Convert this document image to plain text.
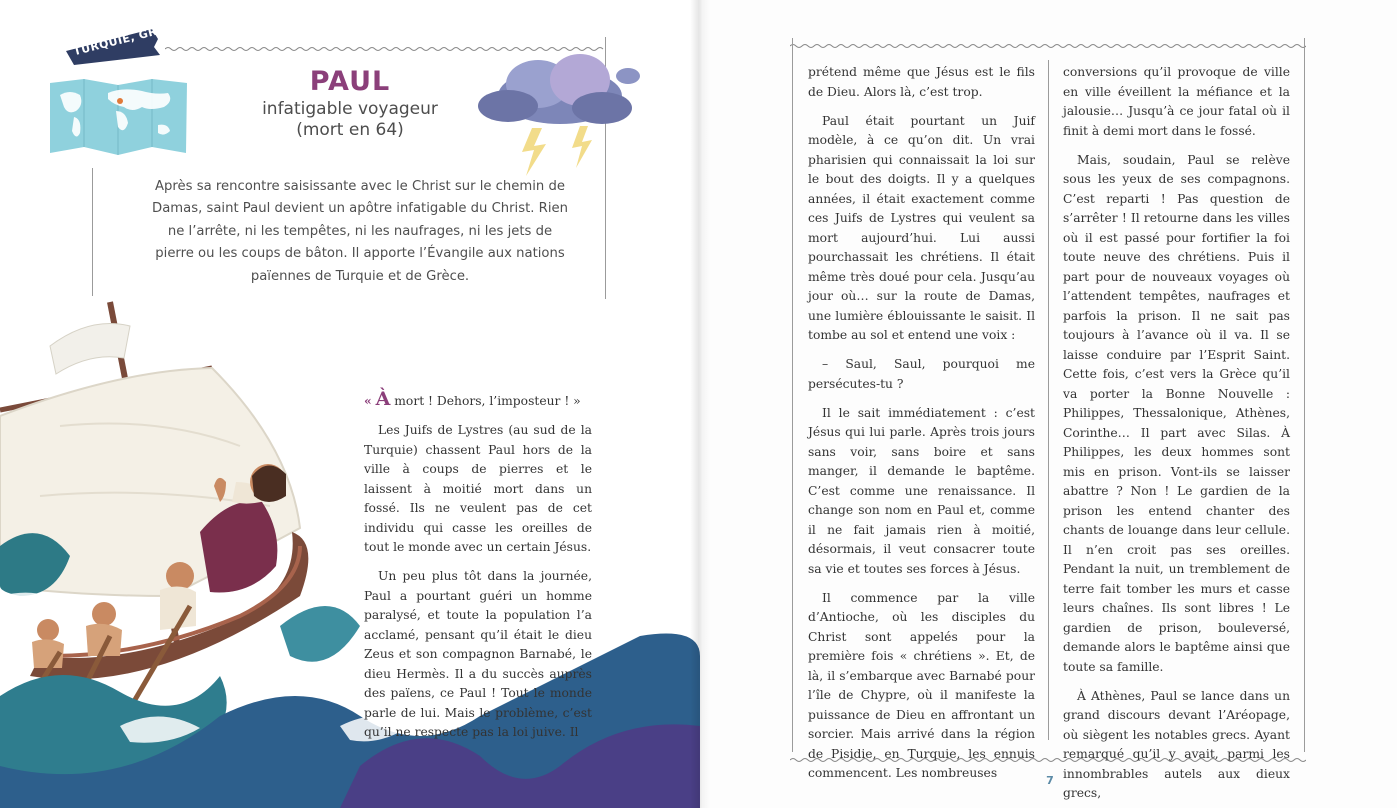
TURQUIE, GRÈCE
PAUL
infatigable voyageur
(mort en 64)
Après sa rencontre saisissante avec le Christ sur le chemin de Damas, saint Paul devient un apôtre infatigable du Christ. Rien ne l’arrête, ni les tempêtes, ni les naufrages, ni les jets de pierre ou les coups de bâton. Il apporte l’Évangile aux nations païennes de Turquie et de Grèce.

« À mort ! Dehors, l’imposteur ! »

Les Juifs de Lystres (au sud de la Turquie) chassent Paul hors de la ville à coups de pierres et le laissent à moitié mort dans un fossé. Ils ne veulent pas de cet individu qui casse les oreilles de tout le monde avec un certain Jésus.

Un peu plus tôt dans la journée, Paul a pourtant guéri un homme paralysé, et toute la population l’a acclamé, pensant qu’il était le dieu Zeus et son compagnon Barnabé, le dieu Hermès. Il a du succès auprès des païens, ce Paul ! Tout le monde parle de lui. Mais le problème, c’est qu’il ne respecte pas la loi juive. Il

prétend même que Jésus est le fils de Dieu. Alors là, c’est trop.

Paul était pourtant un Juif modèle, à ce qu’on dit. Un vrai pharisien qui connaissait la loi sur le bout des doigts. Il y a quelques années, il était exactement comme ces Juifs de Lystres qui veulent sa mort aujourd’hui. Lui aussi pourchassait les chrétiens. Il était même très doué pour cela. Jusqu’au jour où… sur la route de Damas, une lumière éblouissante le saisit. Il tombe au sol et entend une voix :

– Saul, Saul, pourquoi me persécutes-tu ?

Il le sait immédiatement : c’est Jésus qui lui parle. Après trois jours sans voir, sans boire et sans manger, il demande le baptême. C’est comme une renaissance. Il change son nom en Paul et, comme il ne fait jamais rien à moitié, désormais, il veut consacrer toute sa vie et toutes ses forces à Jésus.

Il commence par la ville d’Antioche, où les disciples du Christ sont appelés pour la première fois « chrétiens ». Et, de là, il s’embarque avec Barnabé pour l’île de Chypre, où il manifeste la puissance de Dieu en affrontant un sorcier. Mais arrivé dans la région de Pisidie, en Turquie, les ennuis commencent. Les nombreuses

conversions qu’il provoque de ville en ville éveillent la méfiance et la jalousie… Jusqu’à ce jour fatal où il finit à demi mort dans le fossé.

Mais, soudain, Paul se relève sous les yeux de ses compagnons. C’est reparti ! Pas question de s’arrêter ! Il retourne dans les villes où il est passé pour fortifier la foi toute neuve des chrétiens. Puis il part pour de nouveaux voyages où l’attendent tempêtes, naufrages et parfois la prison. Il ne sait pas toujours à l’avance où il va. Il se laisse conduire par l’Esprit Saint. Cette fois, c’est vers la Grèce qu’il va porter la Bonne Nouvelle : Philippes, Thessalonique, Athènes, Corinthe… Il part avec Silas. À Philippes, les deux hommes sont mis en prison. Vont-ils se laisser abattre ? Non ! Le gardien de la prison les entend chanter des chants de louange dans leur cellule. Il n’en croit pas ses oreilles. Pendant la nuit, un tremblement de terre fait tomber les murs et casse leurs chaînes. Ils sont libres ! Le gardien de prison, bouleversé, demande alors le baptême ainsi que toute sa famille.

À Athènes, Paul se lance dans un grand discours devant l’Aréopage, où siègent les notables grecs. Ayant remarqué qu’il y avait, parmi les innombrables autels aux dieux grecs,

7
